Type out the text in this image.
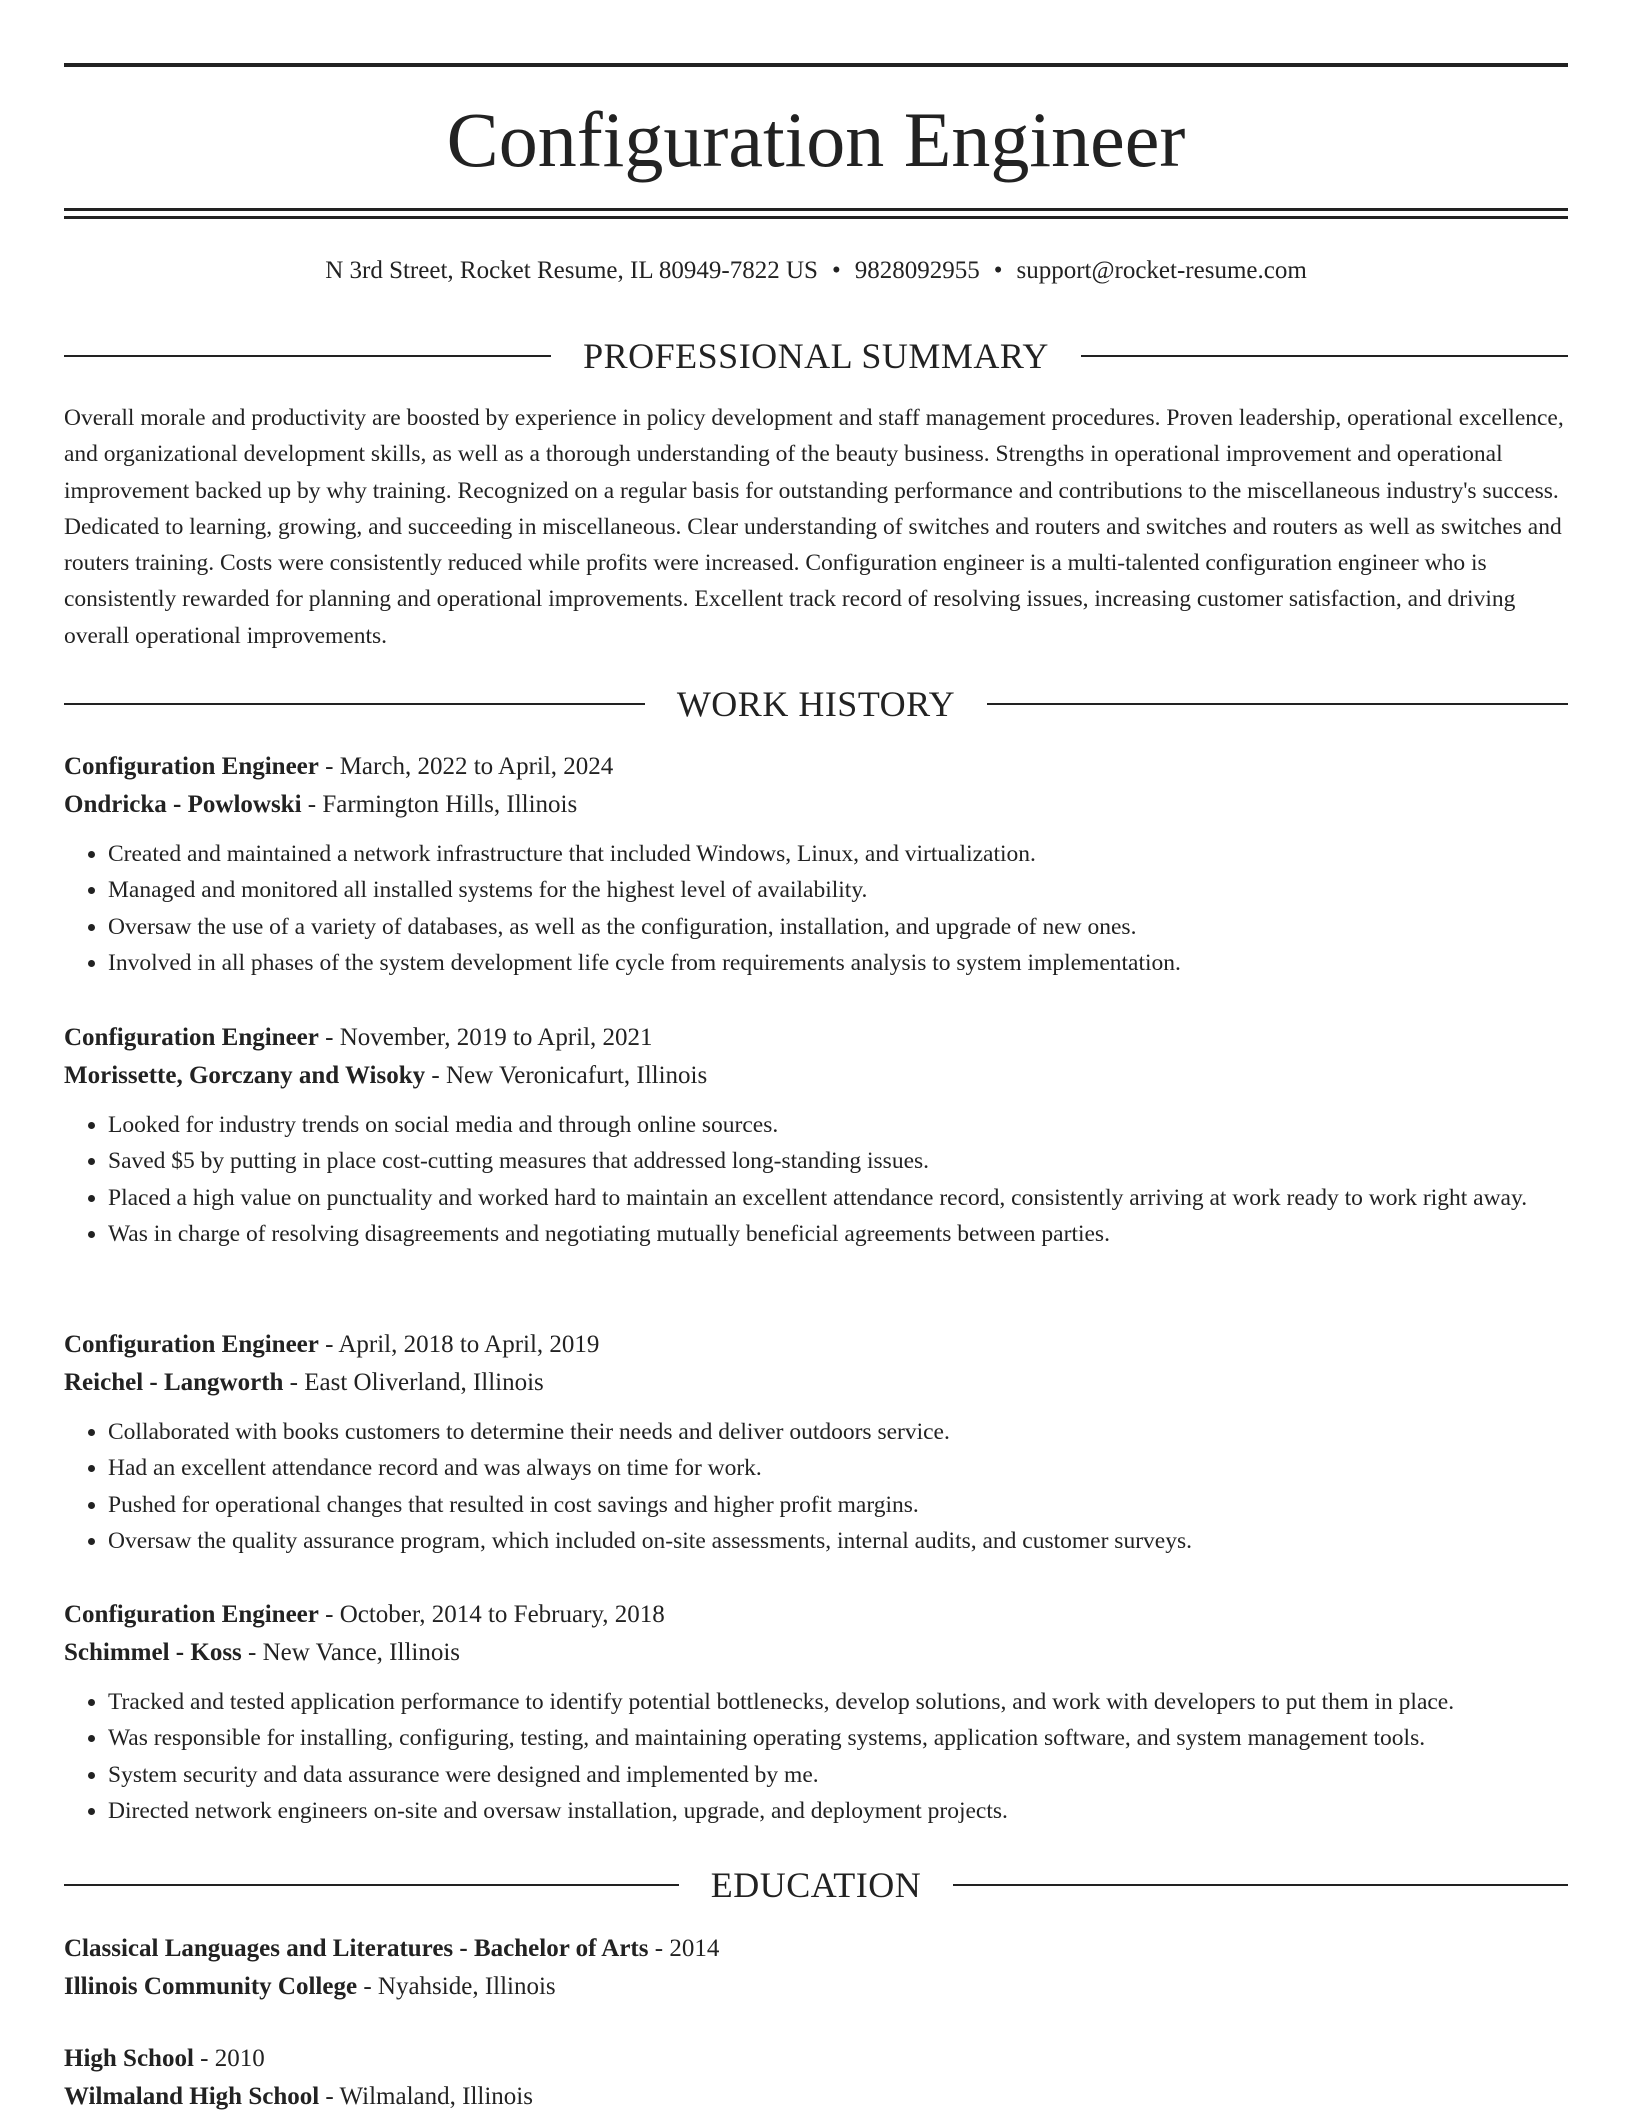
Configuration Engineer
N 3rd Street, Rocket Resume, IL 80949-7822 US • 9828092955 • support@rocket-resume.com
PROFESSIONAL SUMMARY

Overall morale and productivity are boosted by experience in policy development and staff management procedures. Proven leadership, operational excellence, and organizational development skills, as well as a thorough understanding of the beauty business. Strengths in operational improvement and operational improvement backed up by why training. Recognized on a regular basis for outstanding performance and contributions to the miscellaneous industry's success. Dedicated to learning, growing, and succeeding in miscellaneous. Clear understanding of switches and routers and switches and routers as well as switches and routers training. Costs were consistently reduced while profits were increased. Configuration engineer is a multi-talented configuration engineer who is consistently rewarded for planning and operational improvements. Excellent track record of resolving issues, increasing customer satisfaction, and driving overall operational improvements.

WORK HISTORY
Configuration Engineer - March, 2022 to April, 2024
Ondricka - Powlowski - Farmington Hills, Illinois
• Created and maintained a network infrastructure that included Windows, Linux, and virtualization.
• Managed and monitored all installed systems for the highest level of availability.
• Oversaw the use of a variety of databases, as well as the configuration, installation, and upgrade of new ones.
• Involved in all phases of the system development life cycle from requirements analysis to system implementation.
Configuration Engineer - November, 2019 to April, 2021
Morissette, Gorczany and Wisoky - New Veronicafurt, Illinois
• Looked for industry trends on social media and through online sources.
• Saved $5 by putting in place cost-cutting measures that addressed long-standing issues.
• Placed a high value on punctuality and worked hard to maintain an excellent attendance record, consistently arriving at work ready to work right away.
• Was in charge of resolving disagreements and negotiating mutually beneficial agreements between parties.
Configuration Engineer - April, 2018 to April, 2019
Reichel - Langworth - East Oliverland, Illinois
• Collaborated with books customers to determine their needs and deliver outdoors service.
• Had an excellent attendance record and was always on time for work.
• Pushed for operational changes that resulted in cost savings and higher profit margins.
• Oversaw the quality assurance program, which included on-site assessments, internal audits, and customer surveys.
Configuration Engineer - October, 2014 to February, 2018
Schimmel - Koss - New Vance, Illinois
• Tracked and tested application performance to identify potential bottlenecks, develop solutions, and work with developers to put them in place.
• Was responsible for installing, configuring, testing, and maintaining operating systems, application software, and system management tools.
• System security and data assurance were designed and implemented by me.
• Directed network engineers on-site and oversaw installation, upgrade, and deployment projects.
EDUCATION
Classical Languages and Literatures - Bachelor of Arts - 2014
Illinois Community College - Nyahside, Illinois
High School - 2010
Wilmaland High School - Wilmaland, Illinois
